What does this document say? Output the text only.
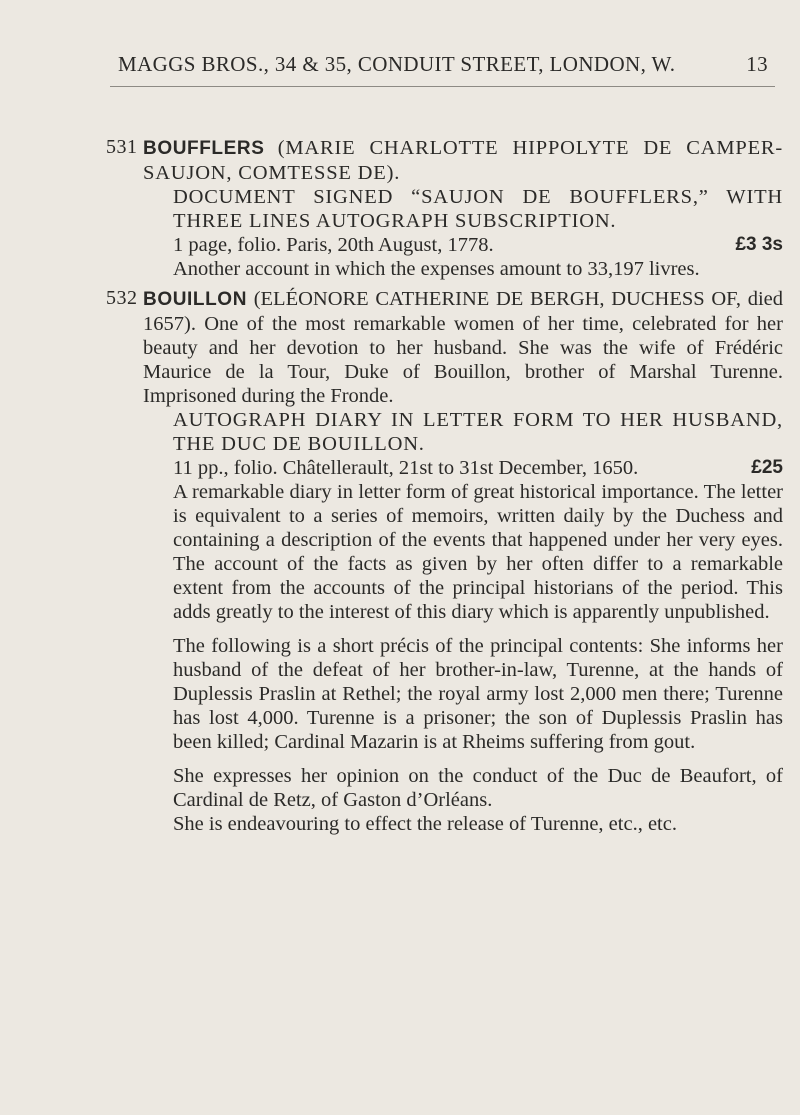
MAGGS BROS., 34 & 35, CONDUIT STREET, LONDON, W.	13
531 BOUFFLERS (MARIE CHARLOTTE HIPPOLYTE DE CAMPER-SAUJON, COMTESSE DE).

DOCUMENT SIGNED “SAUJON DE BOUFFLERS,” WITH THREE LINES AUTOGRAPH SUBSCRIPTION.

1 page, folio. Paris, 20th August, 1778.	£3 3s

Another account in which the expenses amount to 33,197 livres.

532 BOUILLON (ELÉONORE CATHERINE DE BERGH, DUCHESS OF, died 1657). One of the most remarkable women of her time, celebrated for her beauty and her devotion to her husband. She was the wife of Frédéric Maurice de la Tour, Duke of Bouillon, brother of Marshal Turenne. Imprisoned during the Fronde.

AUTOGRAPH DIARY IN LETTER FORM TO HER HUSBAND, THE DUC DE BOUILLON.

11 pp., folio. Châtellerault, 21st to 31st December, 1650.	£25

A remarkable diary in letter form of great historical importance. The letter is equivalent to a series of memoirs, written daily by the Duchess and containing a description of the events that happened under her very eyes. The account of the facts as given by her often differ to a remarkable extent from the accounts of the principal historians of the period. This adds greatly to the interest of this diary which is apparently unpublished.

The following is a short précis of the principal contents: She informs her husband of the defeat of her brother-in-law, Turenne, at the hands of Duplessis Praslin at Rethel; the royal army lost 2,000 men there; Turenne has lost 4,000. Turenne is a prisoner; the son of Duplessis Praslin has been killed; Cardinal Mazarin is at Rheims suffering from gout.

She expresses her opinion on the conduct of the Duc de Beaufort, of Cardinal de Retz, of Gaston d’Orléans.

She is endeavouring to effect the release of Turenne, etc., etc.
